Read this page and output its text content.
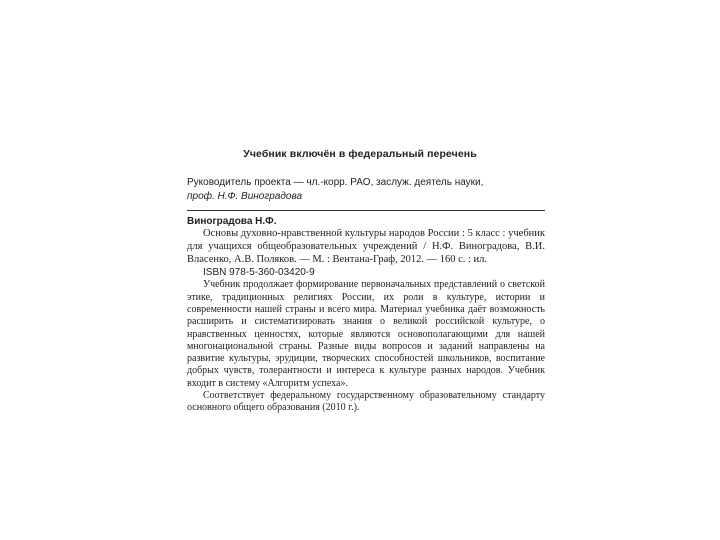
Учебник включён в федеральный перечень
Руководитель проекта — чл.-корр. РАО, заслуж. деятель науки,
проф. Н.Ф. Виноградова
Виноградова Н.Ф.
Основы духовно-нравственной культуры народов России : 5 класс : учебник для учащихся общеобразовательных учреждений / Н.Ф. Виноградова, В.И. Власенко, А.В. Поляков. — М. : Вентана-Граф, 2012. — 160 с. : ил.
ISBN 978-5-360-03420-9
Учебник продолжает формирование первоначальных представлений о светской этике, традиционных религиях России, их роли в культуре, истории и современности нашей страны и всего мира. Материал учебника даёт возможность расширить и систематизировать знания о великой российской культуре, о нравственных ценностях, которые являются основополагающими для нашей многонациональной страны. Разные виды вопросов и заданий направлены на развитие культуры, эрудиции, творческих способностей школьников, воспитание добрых чувств, толерантности и интереса к культуре разных народов. Учебник входит в систему «Алгоритм успеха».
Соответствует федеральному государственному образовательному стандарту основного общего образования (2010 г.).
